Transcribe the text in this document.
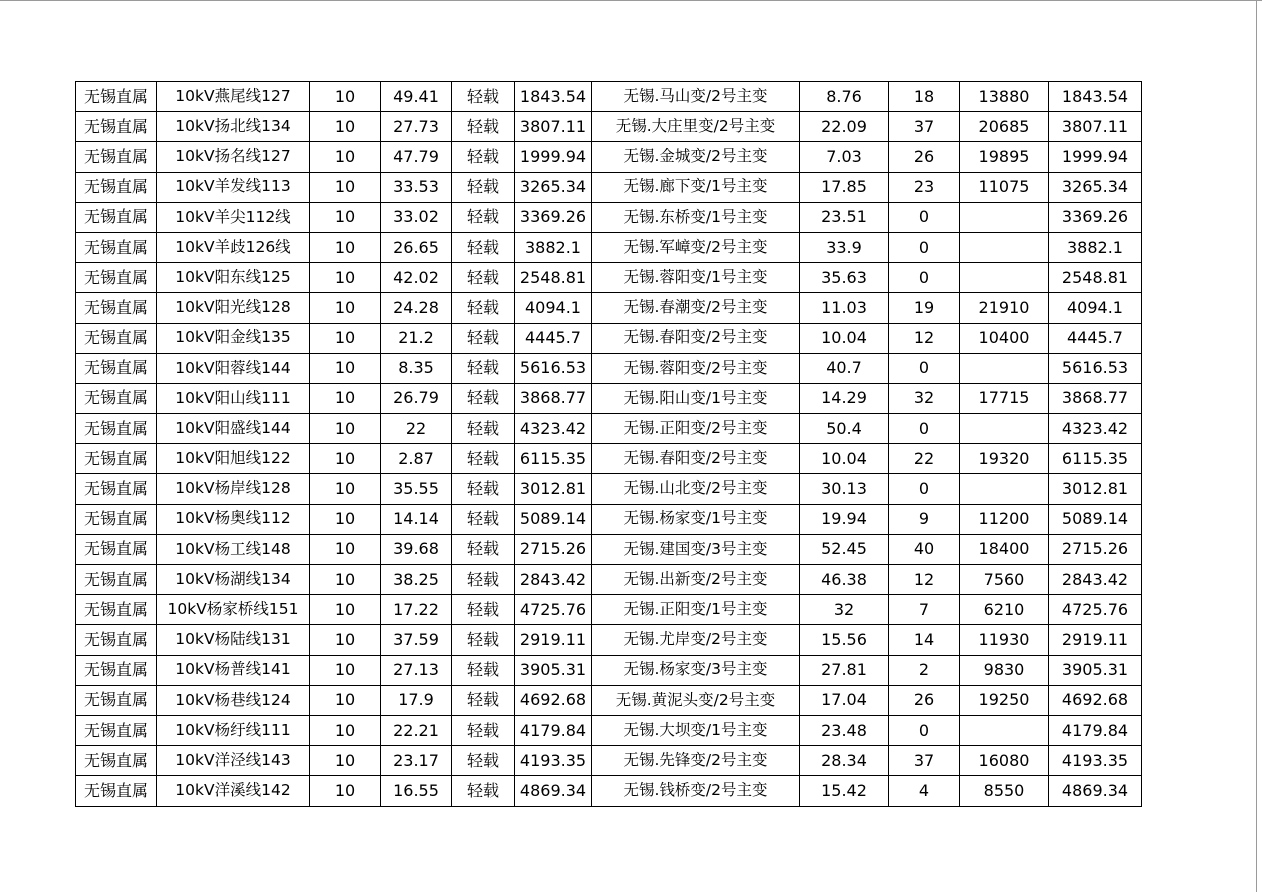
无锡直属	10kV燕尾线127	10	49.41	轻载	1843.54	无锡.马山变/2号主变	8.76	18	13880	1843.54
无锡直属	10kV扬北线134	10	27.73	轻载	3807.11	无锡.大庄里变/2号主变	22.09	37	20685	3807.11
无锡直属	10kV扬名线127	10	47.79	轻载	1999.94	无锡.金城变/2号主变	7.03	26	19895	1999.94
无锡直属	10kV羊发线113	10	33.53	轻载	3265.34	无锡.廊下变/1号主变	17.85	23	11075	3265.34
无锡直属	10kV羊尖112线	10	33.02	轻载	3369.26	无锡.东桥变/1号主变	23.51	0		3369.26
无锡直属	10kV羊歧126线	10	26.65	轻载	3882.1	无锡.军嶂变/2号主变	33.9	0		3882.1
无锡直属	10kV阳东线125	10	42.02	轻载	2548.81	无锡.蓉阳变/1号主变	35.63	0		2548.81
无锡直属	10kV阳光线128	10	24.28	轻载	4094.1	无锡.春潮变/2号主变	11.03	19	21910	4094.1
无锡直属	10kV阳金线135	10	21.2	轻载	4445.7	无锡.春阳变/2号主变	10.04	12	10400	4445.7
无锡直属	10kV阳蓉线144	10	8.35	轻载	5616.53	无锡.蓉阳变/2号主变	40.7	0		5616.53
无锡直属	10kV阳山线111	10	26.79	轻载	3868.77	无锡.阳山变/1号主变	14.29	32	17715	3868.77
无锡直属	10kV阳盛线144	10	22	轻载	4323.42	无锡.正阳变/2号主变	50.4	0		4323.42
无锡直属	10kV阳旭线122	10	2.87	轻载	6115.35	无锡.春阳变/2号主变	10.04	22	19320	6115.35
无锡直属	10kV杨岸线128	10	35.55	轻载	3012.81	无锡.山北变/2号主变	30.13	0		3012.81
无锡直属	10kV杨奥线112	10	14.14	轻载	5089.14	无锡.杨家变/1号主变	19.94	9	11200	5089.14
无锡直属	10kV杨工线148	10	39.68	轻载	2715.26	无锡.建国变/3号主变	52.45	40	18400	2715.26
无锡直属	10kV杨湖线134	10	38.25	轻载	2843.42	无锡.出新变/2号主变	46.38	12	7560	2843.42
无锡直属	10kV杨家桥线151	10	17.22	轻载	4725.76	无锡.正阳变/1号主变	32	7	6210	4725.76
无锡直属	10kV杨陆线131	10	37.59	轻载	2919.11	无锡.尤岸变/2号主变	15.56	14	11930	2919.11
无锡直属	10kV杨普线141	10	27.13	轻载	3905.31	无锡.杨家变/3号主变	27.81	2	9830	3905.31
无锡直属	10kV杨巷线124	10	17.9	轻载	4692.68	无锡.黄泥头变/2号主变	17.04	26	19250	4692.68
无锡直属	10kV杨纡线111	10	22.21	轻载	4179.84	无锡.大坝变/1号主变	23.48	0		4179.84
无锡直属	10kV洋泾线143	10	23.17	轻载	4193.35	无锡.先锋变/2号主变	28.34	37	16080	4193.35
无锡直属	10kV洋溪线142	10	16.55	轻载	4869.34	无锡.钱桥变/2号主变	15.42	4	8550	4869.34
